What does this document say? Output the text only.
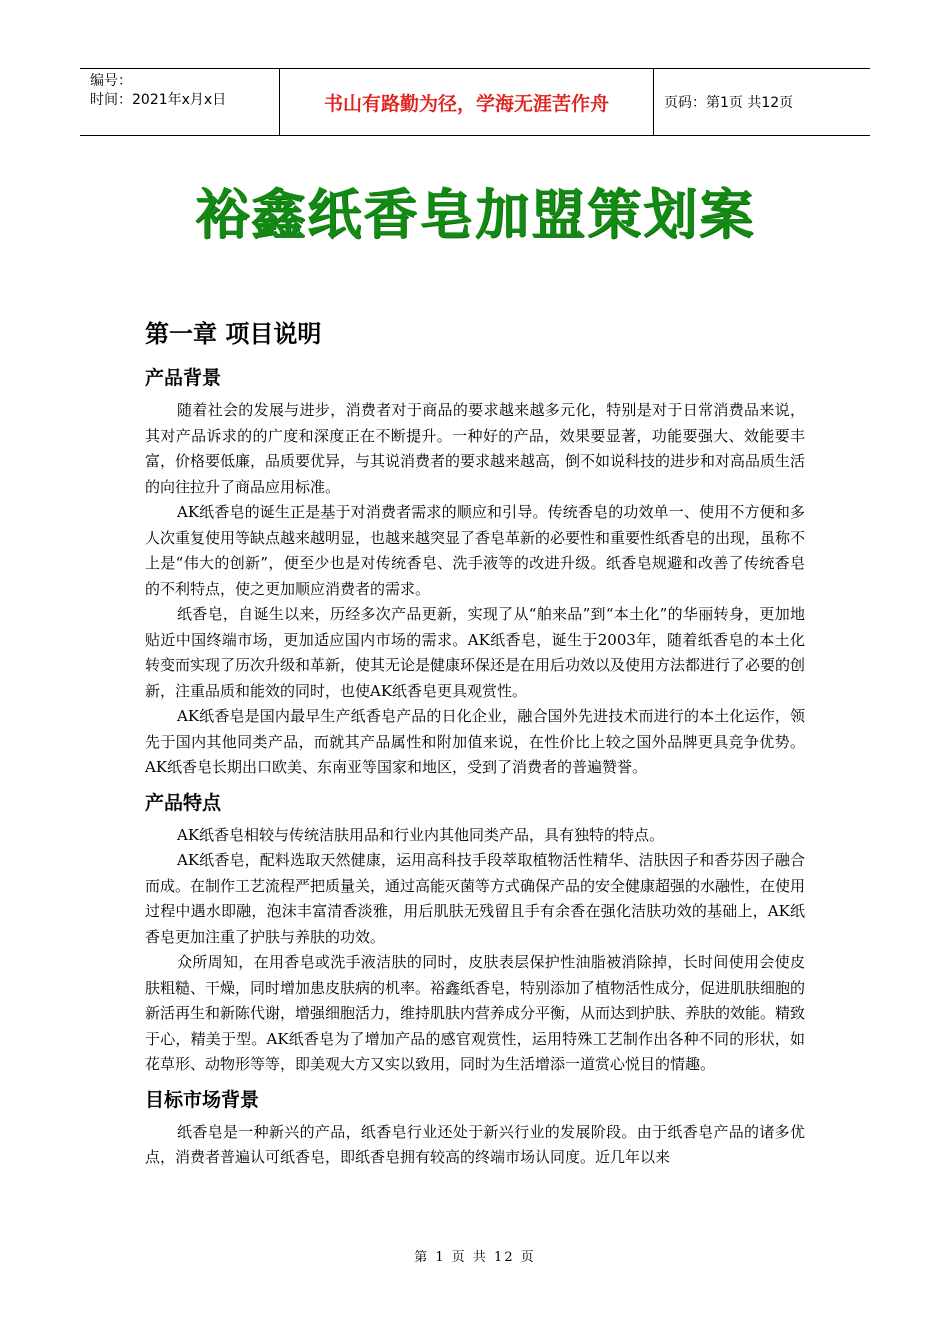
编号：
时间：2021年x月x日	书山有路勤为径，学海无涯苦作舟	页码：第1页 共12页
裕鑫纸香皂加盟策划案
第一章 项目说明
产品背景

随着社会的发展与进步，消费者对于商品的要求越来越多元化，特别是对于日常消费品来说，其对产品诉求的的广度和深度正在不断提升。一种好的产品，效果要显著，功能要强大、效能要丰富，价格要低廉，品质要优异，与其说消费者的要求越来越高，倒不如说科技的进步和对高品质生活的向往拉升了商品应用标准。

AK纸香皂的诞生正是基于对消费者需求的顺应和引导。传统香皂的功效单一、使用不方便和多人次重复使用等缺点越来越明显，也越来越突显了香皂革新的必要性和重要性纸香皂的出现，虽称不上是“伟大的创新”，便至少也是对传统香皂、洗手液等的改进升级。纸香皂规避和改善了传统香皂的不利特点，使之更加顺应消费者的需求。

纸香皂，自诞生以来，历经多次产品更新，实现了从“舶来品”到“本土化”的华丽转身，更加地贴近中国终端市场，更加适应国内市场的需求。AK纸香皂，诞生于2003年，随着纸香皂的本土化转变而实现了历次升级和革新，使其无论是健康环保还是在用后功效以及使用方法都进行了必要的创新，注重品质和能效的同时，也使AK纸香皂更具观赏性。

AK纸香皂是国内最早生产纸香皂产品的日化企业，融合国外先进技术而进行的本土化运作，领先于国内其他同类产品，而就其产品属性和附加值来说，在性价比上较之国外品牌更具竞争优势。AK纸香皂长期出口欧美、东南亚等国家和地区，受到了消费者的普遍赞誉。

产品特点

AK纸香皂相较与传统洁肤用品和行业内其他同类产品，具有独特的特点。

AK纸香皂，配料选取天然健康，运用高科技手段萃取植物活性精华、洁肤因子和香芬因子融合而成。在制作工艺流程严把质量关，通过高能灭菌等方式确保产品的安全健康超强的水融性，在使用过程中遇水即融，泡沫丰富清香淡雅，用后肌肤无残留且手有余香在强化洁肤功效的基础上，AK纸香皂更加注重了护肤与养肤的功效。

众所周知，在用香皂或洗手液洁肤的同时，皮肤表层保护性油脂被消除掉，长时间使用会使皮肤粗糙、干燥，同时增加患皮肤病的机率。裕鑫纸香皂，特别添加了植物活性成分，促进肌肤细胞的新活再生和新陈代谢，增强细胞活力，维持肌肤内营养成分平衡，从而达到护肤、养肤的效能。精致于心，精美于型。AK纸香皂为了增加产品的感官观赏性，运用特殊工艺制作出各种不同的形状，如花草形、动物形等等，即美观大方又实以致用，同时为生活增添一道赏心悦目的情趣。

目标市场背景

纸香皂是一种新兴的产品，纸香皂行业还处于新兴行业的发展阶段。由于纸香皂产品的诸多优点，消费者普遍认可纸香皂，即纸香皂拥有较高的终端市场认同度。近几年以来

第 1 页 共 12 页
